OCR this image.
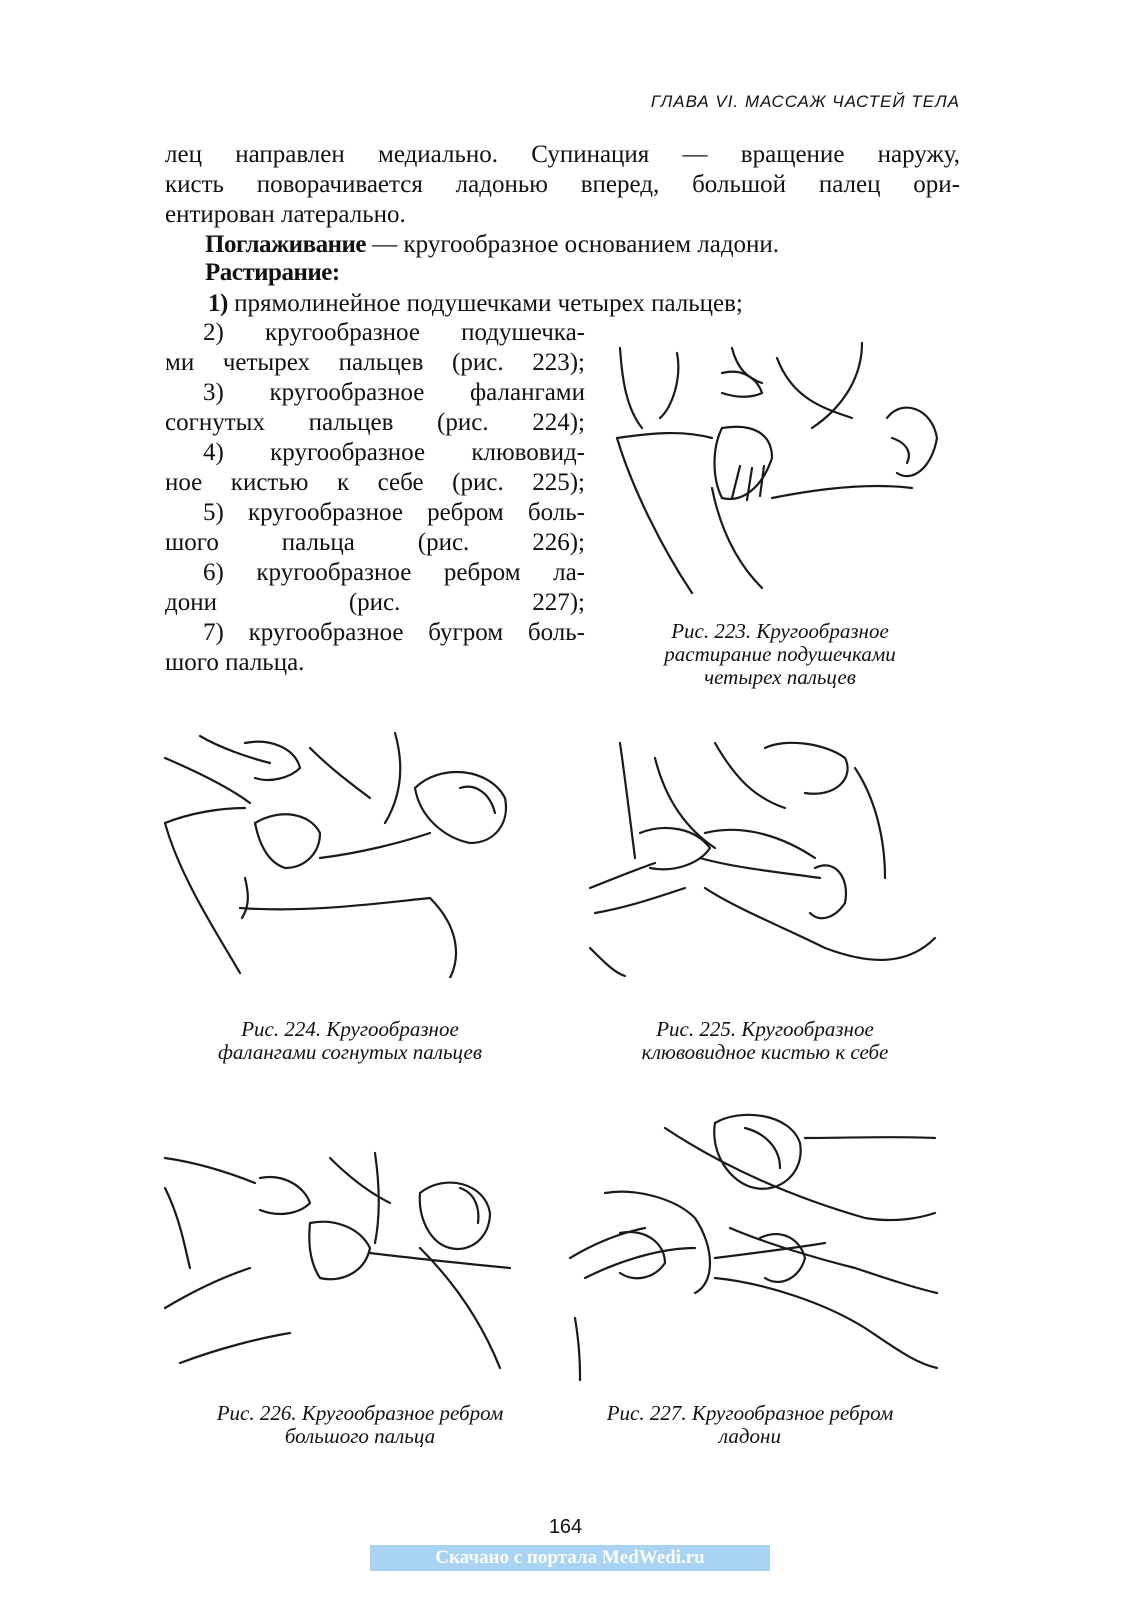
ГЛАВА VI. МАССАЖ ЧАСТЕЙ ТЕЛА
лец направлен медиально. Супинация — вращение наружу,
кисть поворачивается ладонью вперед, большой палец ори-
ентирован латерально.
Поглаживание — кругообразное основанием ладони.
Растирание:
1) прямолинейное подушечками четырех пальцев;
2) кругообразное подушечка-
ми четырех пальцев (рис. 223);
3) кругообразное фалангами
согнутых пальцев (рис. 224);
4) кругообразное клювовид-
ное кистью к себе (рис. 225);
5) кругообразное ребром боль-
шого пальца (рис. 226);
6) кругообразное ребром ла-
дони (рис. 227);
7) кругообразное бугром боль-
шого пальца.
Рис. 223. Кругообразное
растирание подушечками
четырех пальцев
Рис. 224. Кругообразное
фалангами согнутых пальцев
Рис. 225. Кругообразное
клювовидное кистью к себе
Рис. 226. Кругообразное ребром
большого пальца
Рис. 227. Кругообразное ребром
ладони
164
Скачано с портала MedWedi.ru
